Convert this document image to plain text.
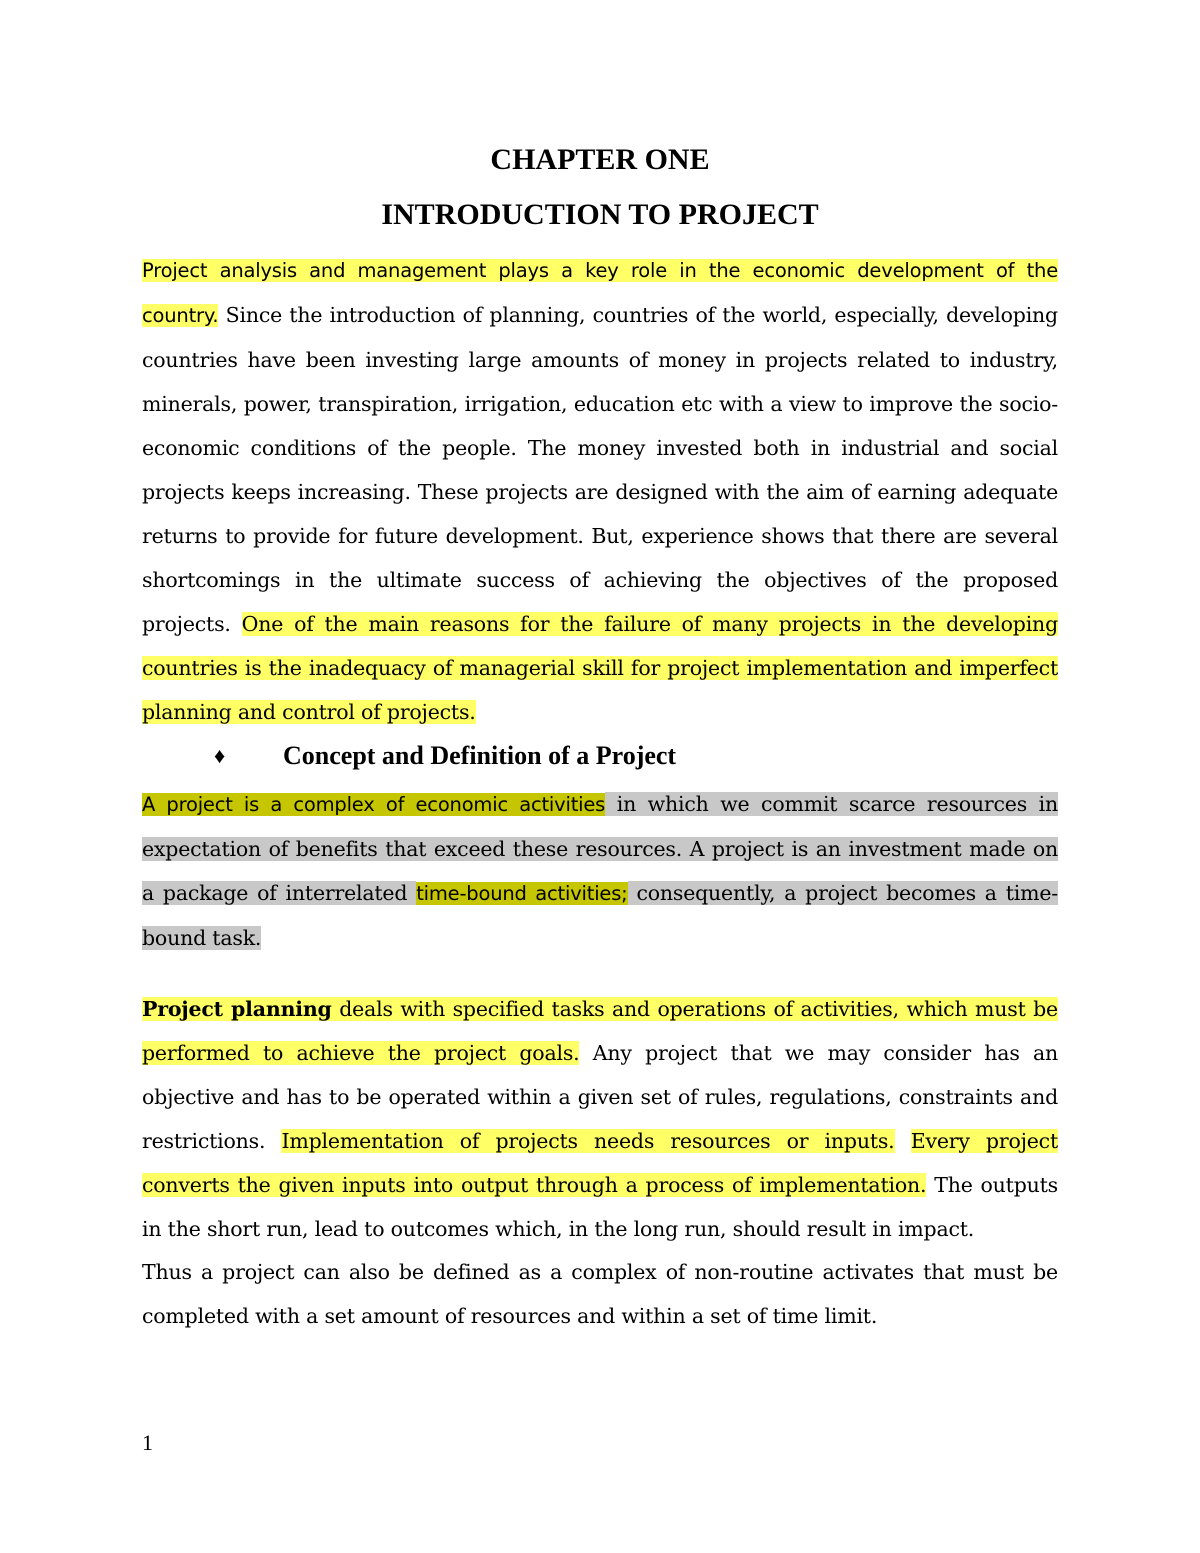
CHAPTER ONE
INTRODUCTION TO PROJECT

Project analysis and management plays a key role in the economic development of the country. Since the introduction of planning, countries of the world, especially, developing countries have been investing large amounts of money in projects related to industry, minerals, power, transpiration, irrigation, education etc with a view to improve the socio-economic conditions of the people. The money invested both in industrial and social projects keeps increasing. These projects are designed with the aim of earning adequate returns to provide for future development. But, experience shows that there are several shortcomings in the ultimate success of achieving the objectives of the proposed projects. One of the main reasons for the failure of many projects in the developing countries is the inadequacy of managerial skill for project implementation and imperfect planning and control of projects.

♦ Concept and Definition of a Project

A project is a complex of economic activities in which we commit scarce resources in expectation of benefits that exceed these resources. A project is an investment made on a package of interrelated time-bound activities; consequently, a project becomes a time-bound task.

Project planning deals with specified tasks and operations of activities, which must be performed to achieve the project goals. Any project that we may consider has an objective and has to be operated within a given set of rules, regulations, constraints and restrictions. Implementation of projects needs resources or inputs. Every project converts the given inputs into output through a process of implementation. The outputs in the short run, lead to outcomes which, in the long run, should result in impact.

Thus a project can also be defined as a complex of non-routine activates that must be completed with a set amount of resources and within a set of time limit.

1
